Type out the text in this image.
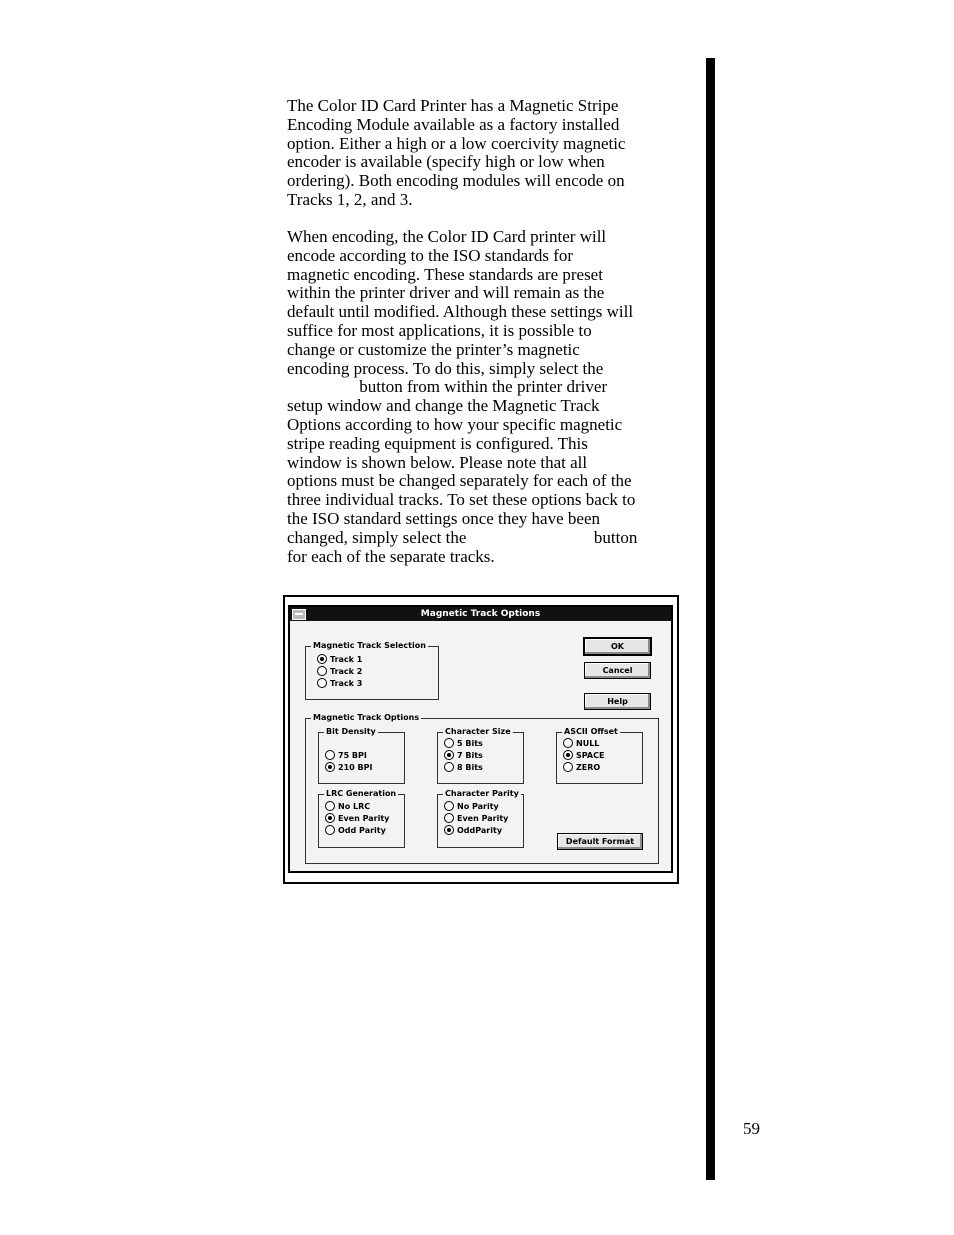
The Color ID Card Printer has a Magnetic Stripe
Encoding Module available as a factory installed
option. Either a high or a low coercivity magnetic
encoder is available (specify high or low when
ordering). Both encoding modules will encode on
Tracks 1, 2, and 3.
When encoding, the Color ID Card printer will
encode according to the ISO standards for
magnetic encoding. These standards are preset
within the printer driver and will remain as the
default until modified. Although these settings will
suffice for most applications, it is possible to
change or customize the printer’s magnetic
encoding process. To do this, simply select the
button from within the printer driver
setup window and change the Magnetic Track
Options according to how your specific magnetic
stripe reading equipment is configured. This
window is shown below. Please note that all
options must be changed separately for each of the
three individual tracks. To set these options back to
the ISO standard settings once they have been
changed, simply select the                              button
for each of the separate tracks.
Magnetic Track Options
Magnetic Track Selection
Track 1
Track 2
Track 3
OK
Cancel
Help
Magnetic Track Options
Bit Density
75 BPI
210 BPI
Character Size
5 Bits
7 Bits
8 Bits
ASCII Offset
NULL
SPACE
ZERO
LRC Generation
No LRC
Even Parity
Odd Parity
Character Parity
No Parity
Even Parity
OddParity
Default Format
59
